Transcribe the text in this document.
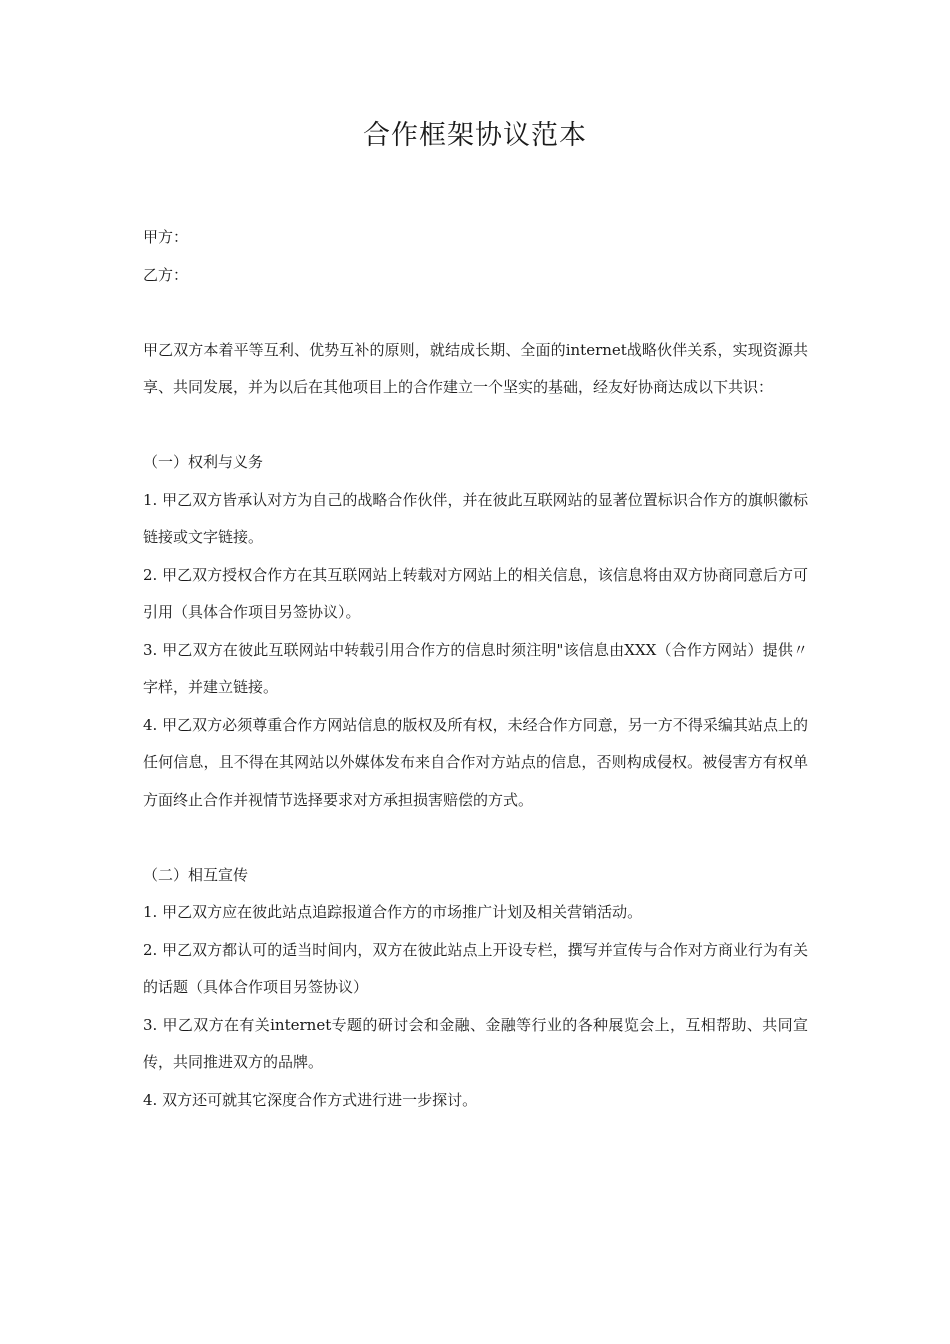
合作框架协议范本

甲方：

乙方：

甲乙双方本着平等互利、优势互补的原则，就结成长期、全面的internet战略伙伴关系，实现资源共享、共同发展，并为以后在其他项目上的合作建立一个坚实的基础，经友好协商达成以下共识：

（一）权利与义务

1. 甲乙双方皆承认对方为自己的战略合作伙伴，并在彼此互联网站的显著位置标识合作方的旗帜徽标链接或文字链接。

2. 甲乙双方授权合作方在其互联网站上转载对方网站上的相关信息，该信息将由双方协商同意后方可引用（具体合作项目另签协议）。

3. 甲乙双方在彼此互联网站中转载引用合作方的信息时须注明"该信息由XXX（合作方网站）提供〃字样，并建立链接。

4. 甲乙双方必须尊重合作方网站信息的版权及所有权，未经合作方同意，另一方不得采编其站点上的任何信息，且不得在其网站以外媒体发布来自合作对方站点的信息，否则构成侵权。被侵害方有权单方面终止合作并视情节选择要求对方承担损害赔偿的方式。

（二）相互宣传

1. 甲乙双方应在彼此站点追踪报道合作方的市场推广计划及相关营销活动。

2. 甲乙双方都认可的适当时间内，双方在彼此站点上开设专栏，撰写并宣传与合作对方商业行为有关的话题（具体合作项目另签协议）

3. 甲乙双方在有关internet专题的研讨会和金融、金融等行业的各种展览会上，互相帮助、共同宣传，共同推进双方的品牌。

4. 双方还可就其它深度合作方式进行进一步探讨。
